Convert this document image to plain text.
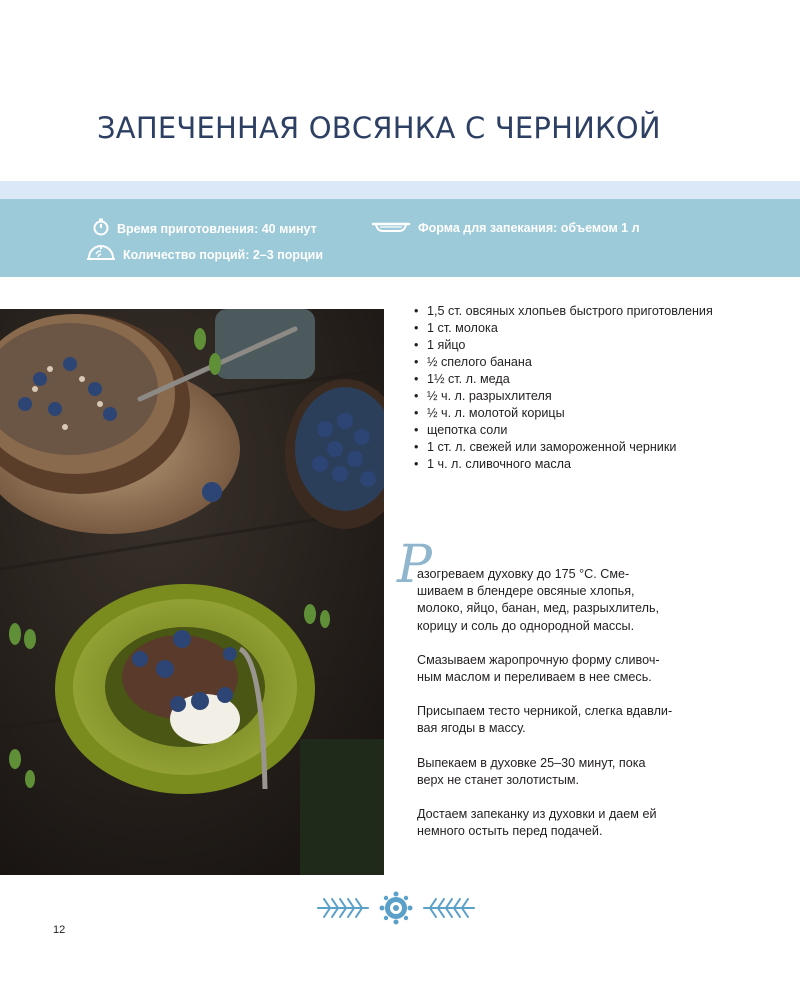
ЗАПЕЧЕННАЯ ОВСЯНКА С ЧЕРНИКОЙ
Время приготовления: 40 минут
Количество порций: 2–3 порции
Форма для запекания: объемом 1 л
• 1,5 ст. овсяных хлопьев быстрого приготовления
• 1 ст. молока
• 1 яйцо
• ½ спелого банана
• 1½ ст. л. меда
• ½ ч. л. разрыхлителя
• ½ ч. л. молотой корицы
• щепотка соли
• 1 ст. л. свежей или замороженной черники
• 1 ч. л. сливочного масла
Р

азогреваем духовку до 175 °С. Сме-
шиваем в блендере овсяные хлопья,
молоко, яйцо, банан, мед, разрыхлитель,
корицу и соль до однородной массы.

Смазываем жаропрочную форму сливоч-
ным маслом и переливаем в нее смесь.

Присыпаем тесто черникой, слегка вдавли-
вая ягоды в массу.

Выпекаем в духовке 25–30 минут, пока
верх не станет золотистым.

Достаем запеканку из духовки и даем ей
немного остыть перед подачей.

12
